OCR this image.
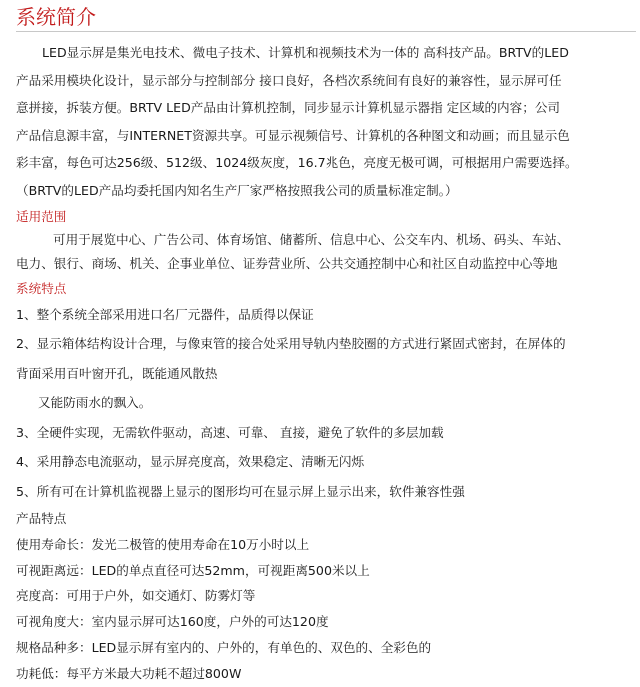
系统简介
LED显示屏是集光电技术、微电子技术、计算机和视频技术为一体的 高科技产品。BRTV的LED
产品采用模块化设计，显示部分与控制部分 接口良好，各档次系统间有良好的兼容性，显示屏可任
意拼接，拆装方便。BRTV LED产品由计算机控制，同步显示计算机显示器指 定区域的内容；公司
产品信息源丰富，与INTERNET资源共享。可显示视频信号、计算机的各种图文和动画；而且显示色
彩丰富，每色可达256级、512级、1024级灰度，16.7兆色，亮度无极可调，可根据用户需要选择。
（BRTV的LED产品均委托国内知名生产厂家严格按照我公司的质量标准定制。）
适用范围
可用于展览中心、广告公司、体育场馆、储蓄所、信息中心、公交车内、机场、码头、车站、
电力、银行、商场、机关、企事业单位、证券营业所、公共交通控制中心和社区自动监控中心等地
系统特点
1、整个系统全部采用进口名厂元器件，品质得以保证
2、显示箱体结构设计合理，与像束管的接合处采用导轨内垫胶圈的方式进行紧固式密封，在屏体的
背面采用百叶窗开孔，既能通风散热
又能防雨水的飘入。
3、全硬件实现，无需软件驱动，高速、可靠、 直接，避免了软件的多层加载
4、采用静态电流驱动，显示屏亮度高，效果稳定、清晰无闪烁
5、所有可在计算机监视器上显示的图形均可在显示屏上显示出来，软件兼容性强
产品特点
使用寿命长：发光二极管的使用寿命在10万小时以上
可视距离远：LED的单点直径可达52mm，可视距离500米以上
亮度高：可用于户外，如交通灯、防雾灯等
可视角度大：室内显示屏可达160度，户外的可达120度
规格品种多：LED显示屏有室内的、户外的，有单色的、双色的、全彩色的
功耗低：每平方米最大功耗不超过800W
